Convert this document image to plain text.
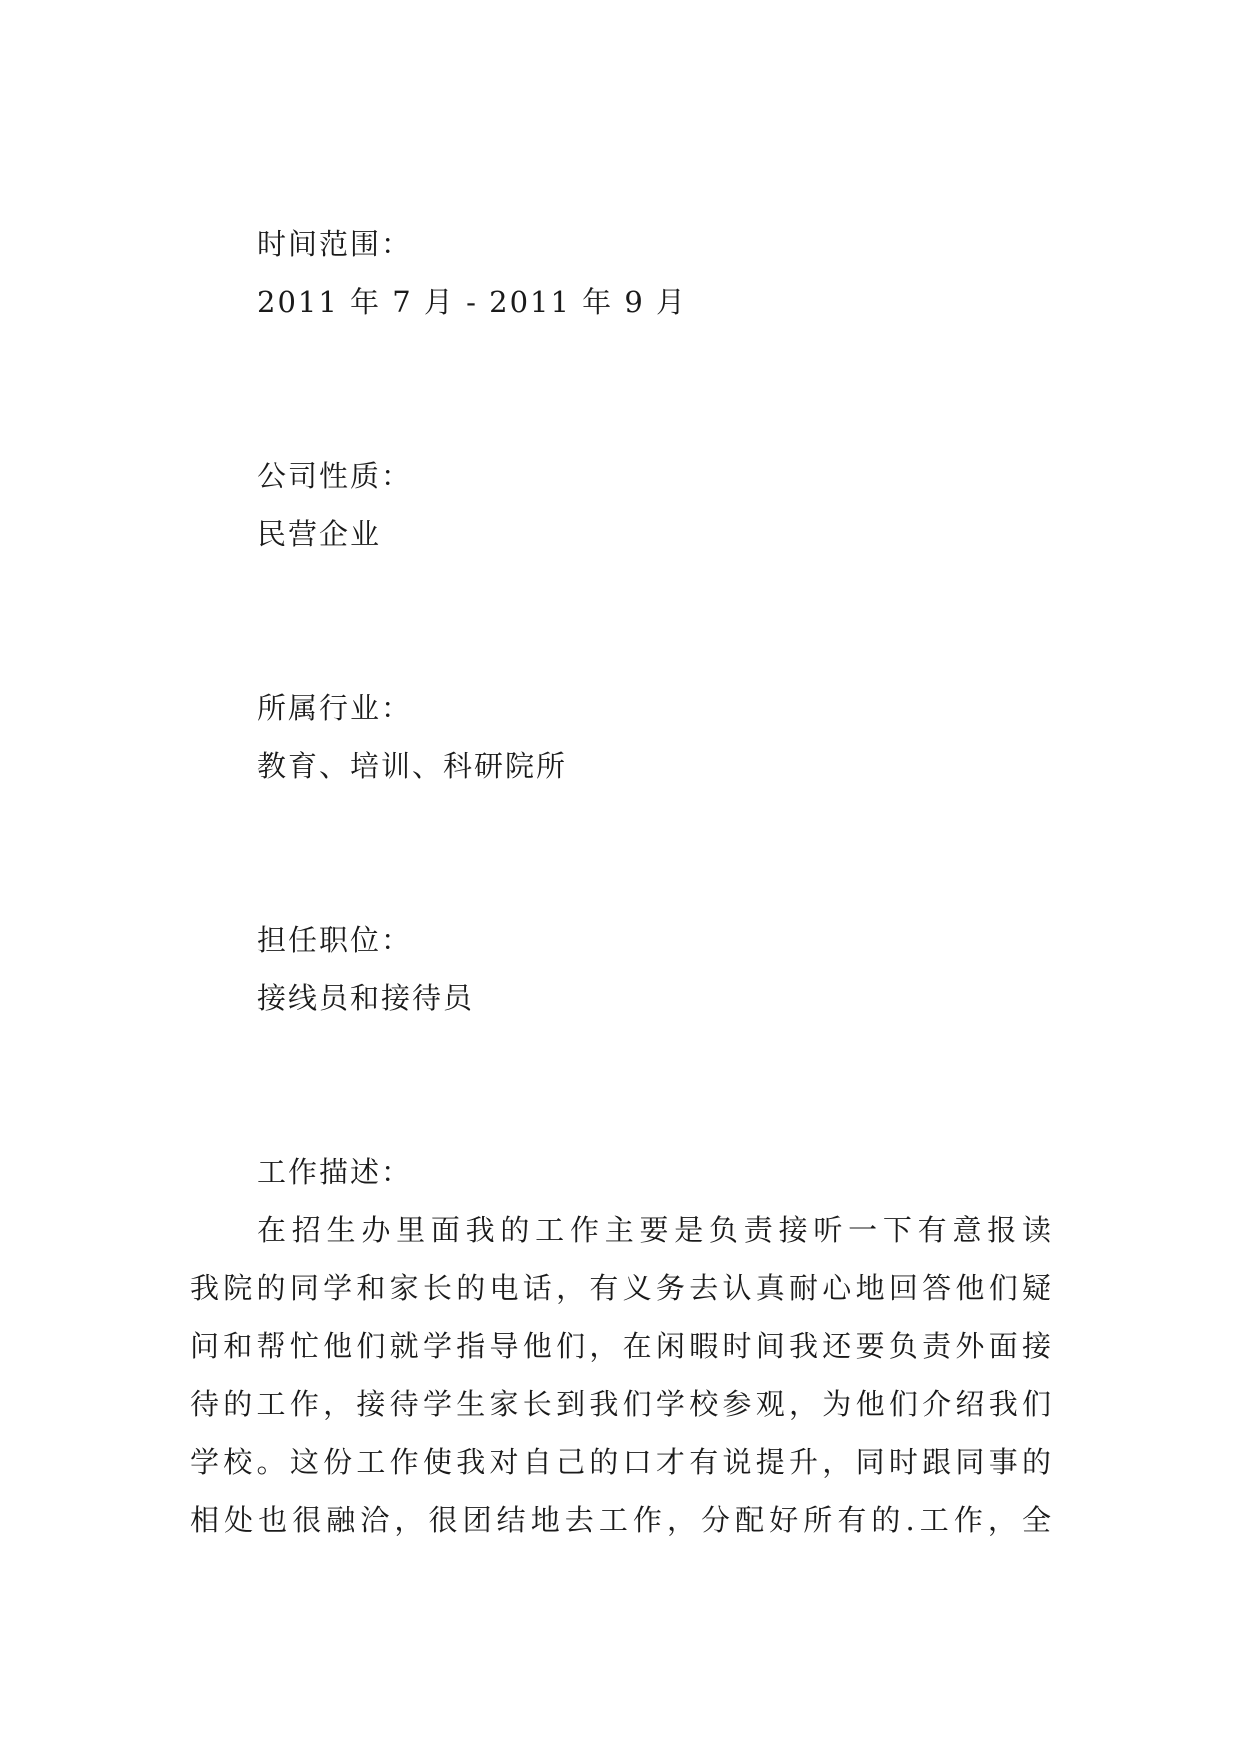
时间范围：
2011 年 7 月 - 2011 年 9 月
公司性质：
民营企业
所属行业：
教育、培训、科研院所
担任职位：
接线员和接待员
工作描述：
在招生办里面我的工作主要是负责接听一下有意报读
我院的同学和家长的电话，有义务去认真耐心地回答他们疑
问和帮忙他们就学指导他们，在闲暇时间我还要负责外面接
待的工作，接待学生家长到我们学校参观，为他们介绍我们
学校。这份工作使我对自己的口才有说提升，同时跟同事的
相处也很融洽，很团结地去工作，分配好所有的.工作，全
